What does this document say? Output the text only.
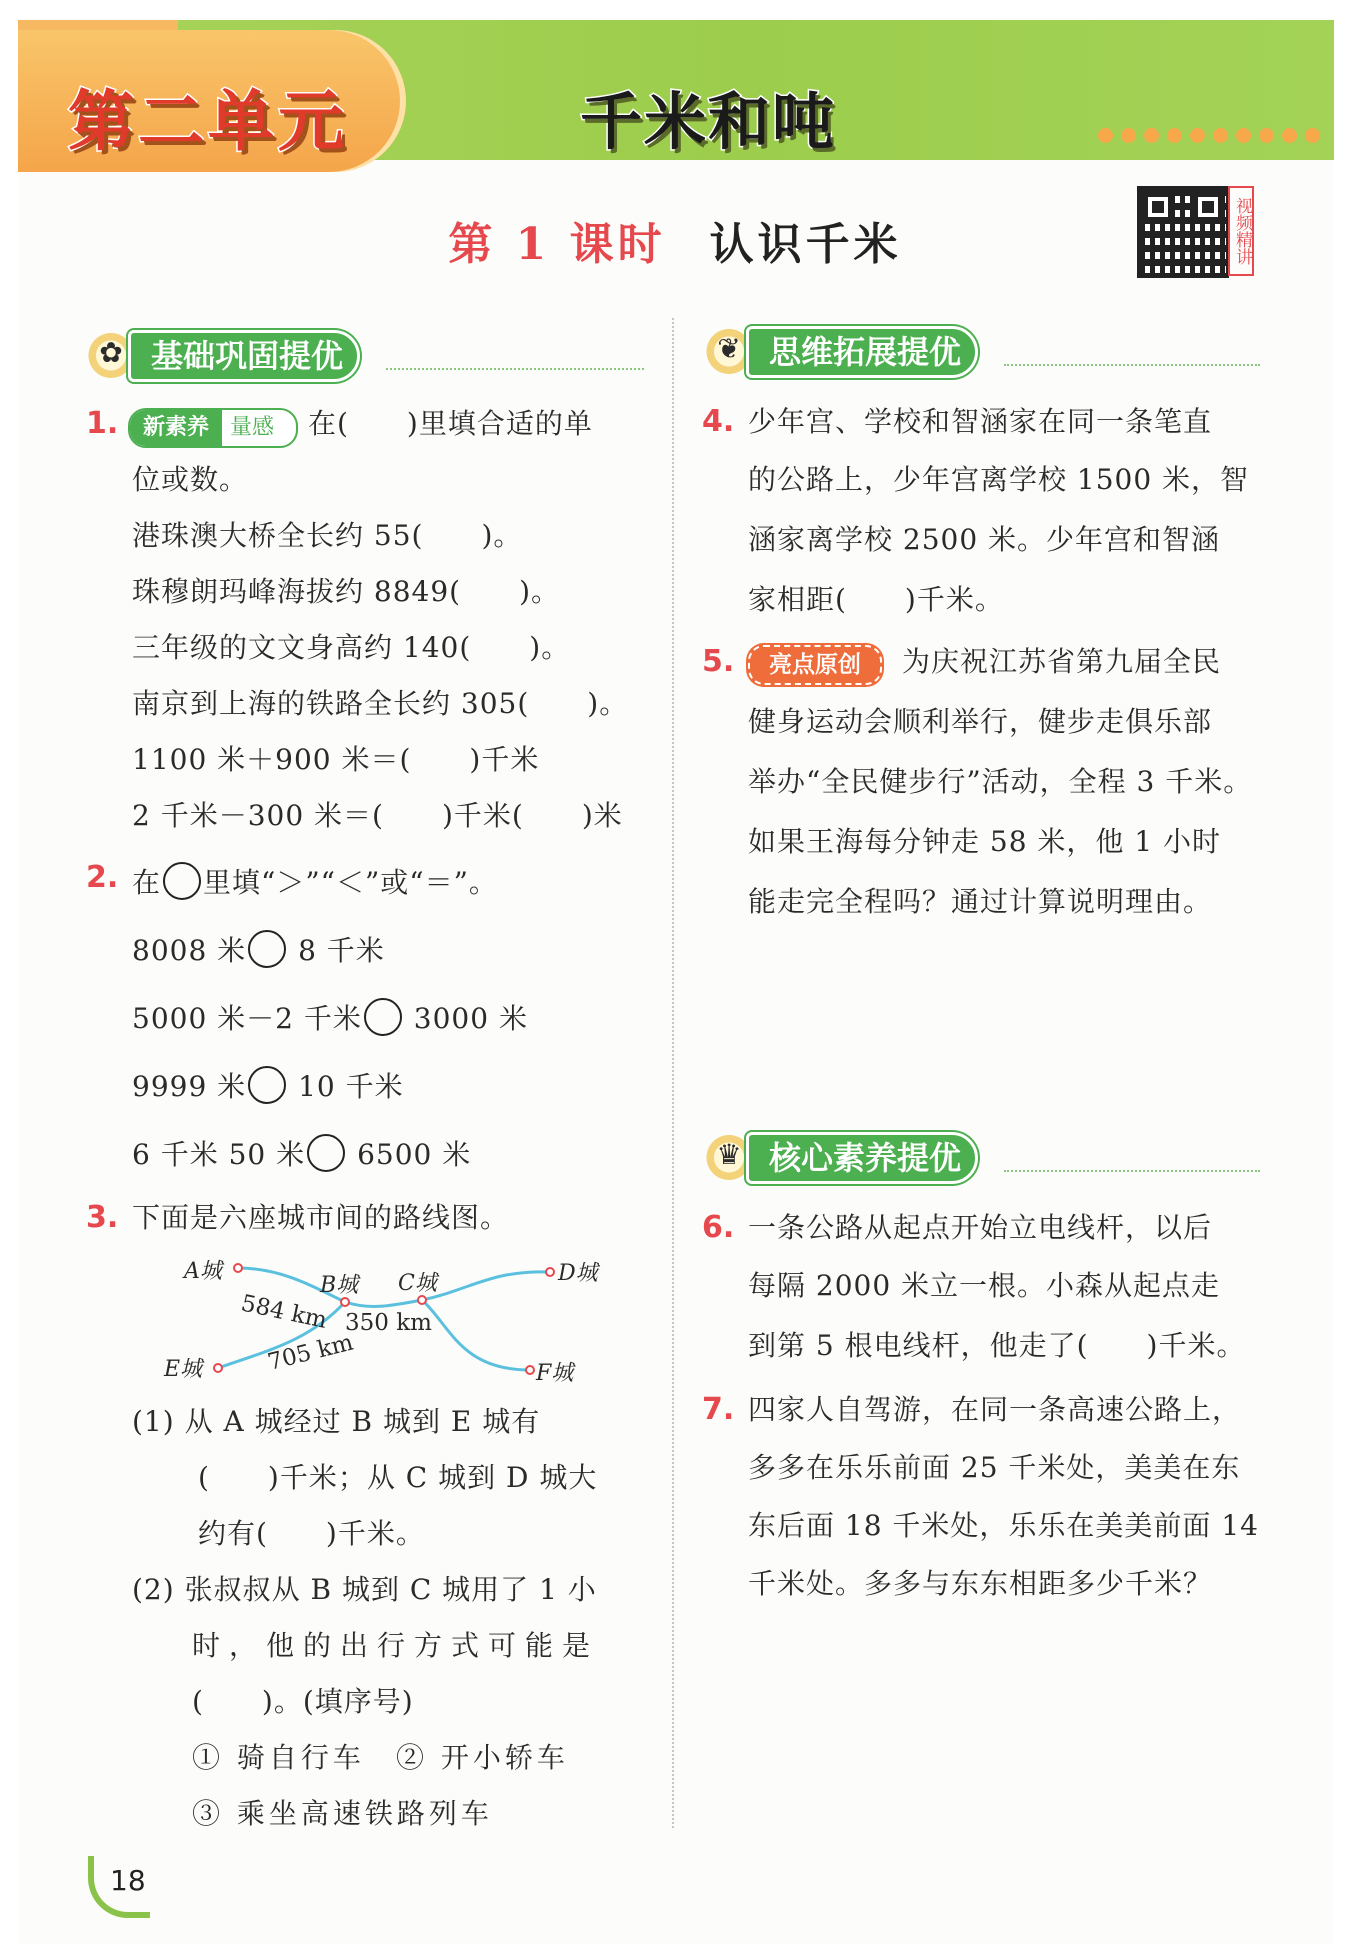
第二单元	千米和吨
第 1 课时 认识千米	视频精讲
✿ 基础巩固提优
1.	新素养 量感 在(　　)里填合适的单
位或数。
港珠澳大桥全长约 55(　　)。
珠穆朗玛峰海拔约 8849(　　)。
三年级的文文身高约 140(　　)。
南京到上海的铁路全长约 305(　　)。
1100 米＋900 米＝(　　)千米
2 千米－300 米＝(　　)千米(　　)米
2. 在 里填“＞”“＜”或“＝”。
8008 米 8 千米
5000 米－2 千米 3000 米
9999 米 10 千米
6 千米 50 米 6500 米
3. 下面是六座城市间的路线图。
A城
B城 C城	D城
E城	F城
584 km 350 km
705 km
(1) 从 A 城经过 B 城到 E 城有
(　　)千米；从 C 城到 D 城大
约有(　　)千米。
(2) 张叔叔从 B 城到 C 城用了 1 小
时，他的出行方式可能是
(　　)。(填序号)
① 骑自行车 ② 开小轿车
③ 乘坐高速铁路列车
❦ 思维拓展提优
4. 少年宫、学校和智涵家在同一条笔直
的公路上，少年宫离学校 1500 米，智
涵家离学校 2500 米。少年宫和智涵
家相距(　　)千米。
5.	亮点原创	为庆祝江苏省第九届全民
健身运动会顺利举行，健步走俱乐部
举办“全民健步行”活动，全程 3 千米。
如果王海每分钟走 58 米，他 1 小时
能走完全程吗？通过计算说明理由。
♛ 核心素养提优
6. 一条公路从起点开始立电线杆，以后
每隔 2000 米立一根。小森从起点走
到第 5 根电线杆，他走了(　　)千米。
7. 四家人自驾游，在同一条高速公路上，
多多在乐乐前面 25 千米处，美美在东
东后面 18 千米处，乐乐在美美前面 14
千米处。多多与东东相距多少千米？
18
